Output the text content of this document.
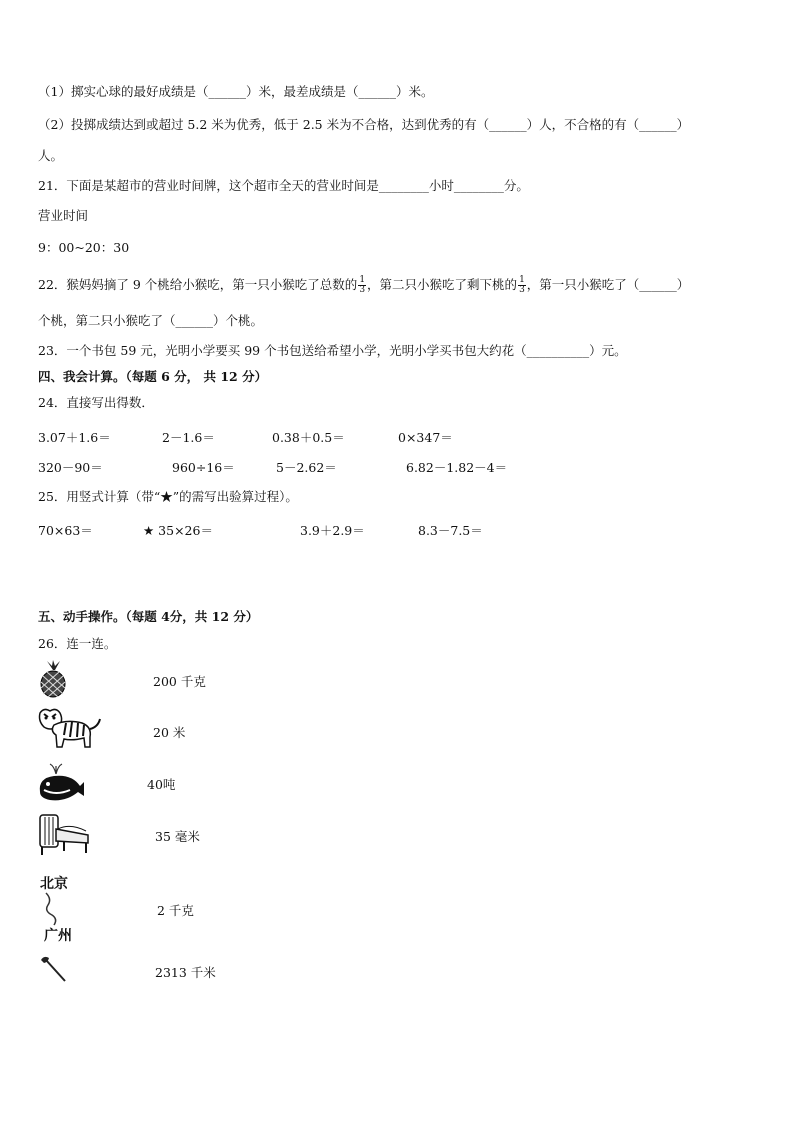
（1）掷实心球的最好成绩是（______）米，最差成绩是（______）米。
（2）投掷成绩达到或超过 5.2 米为优秀，低于 2.5 米为不合格，达到优秀的有（______）人，不合格的有（______）
人。
21．下面是某超市的营业时间牌，这个超市全天的营业时间是________小时________分。
营业时间
9：00~20：30
22．猴妈妈摘了 9 个桃给小猴吃，第一只小猴吃了总数的 $\frac{1}{3}$ ，第二只小猴吃了剩下桃的 $\frac{1}{3}$ ，第一只小猴吃了（______）
个桃，第二只小猴吃了（______）个桃。
23．一个书包 59 元，光明小学要买 99 个书包送给希望小学，光明小学买书包大约花（__________）元。
四、我会计算。（每题 6 分， 共 12 分）
24．直接写出得数．
3.07＋1.6＝	2－1.6＝	0.38＋0.5＝	0×347＝
320－90＝	960÷16＝	5－2.62＝	6.82－1.82－4＝
25．用竖式计算（带“★”的需写出验算过程）。
70×63＝	★ 35×26＝	3.9＋2.9＝	8.3－7.5＝
五、动手操作。（每题 4分，共 12 分）
26．连一连。
200 千克
20 米
40吨
35 毫米
北京
广州
2 千克
2313 千米
